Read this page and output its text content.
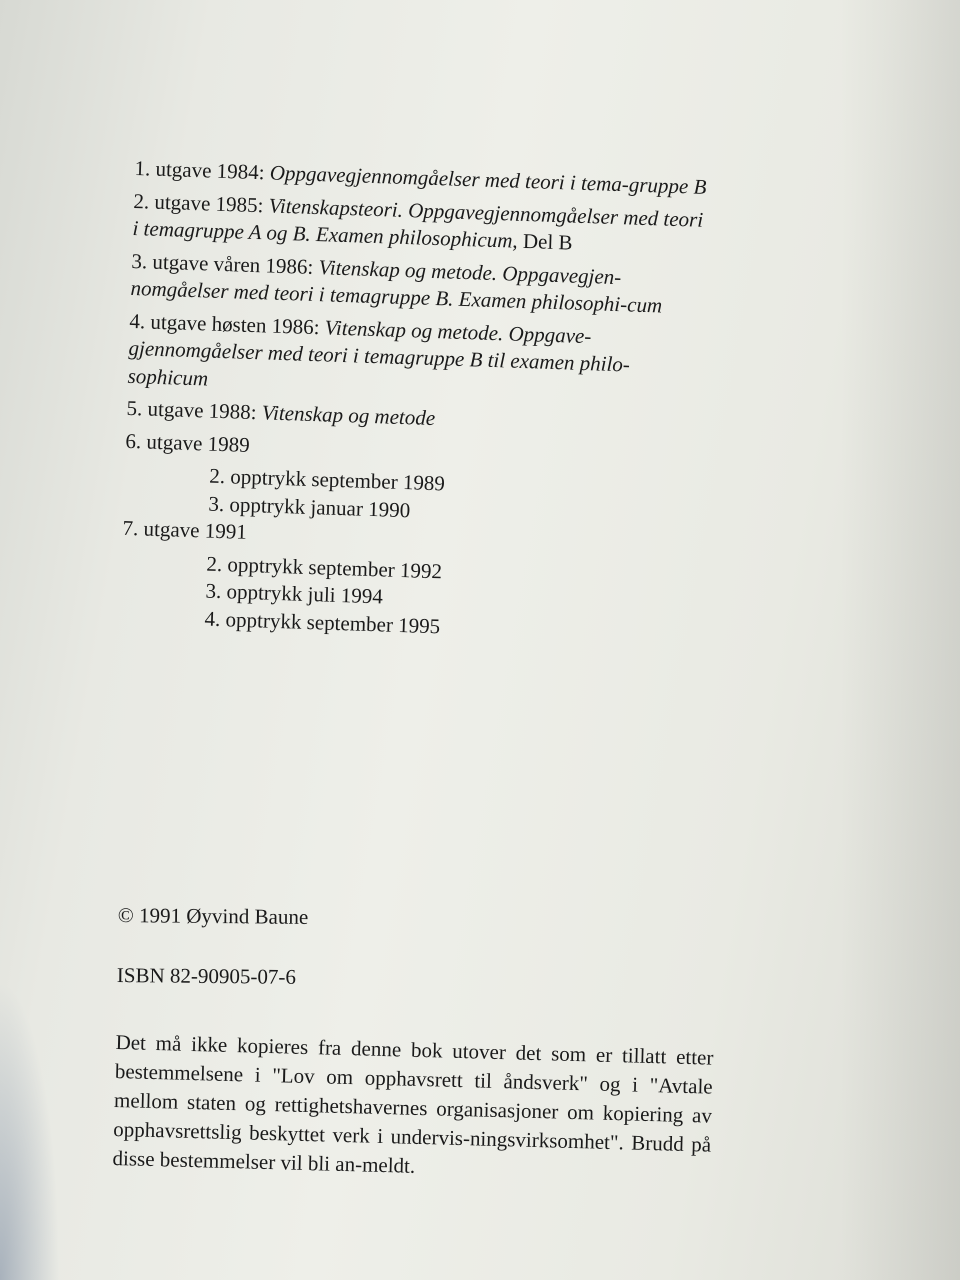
1. utgave 1984: Oppgavegjennomgåelser med teori i tema-gruppe B

2. utgave 1985: Vitenskapsteori. Oppgavegjennomgåelser med teori i temagruppe A og B. Examen philosophicum, Del B

3. utgave våren 1986: Vitenskap og metode. Oppgavegjen-nomgåelser med teori i temagruppe B. Examen philosophi-cum

4. utgave høsten 1986: Vitenskap og metode. Oppgave-gjennomgåelser med teori i temagruppe B til examen philo-sophicum

5. utgave 1988: Vitenskap og metode

6. utgave 1989

2. opptrykk september 1989

3. opptrykk januar 1990

7. utgave 1991

2. opptrykk september 1992

3. opptrykk juli 1994

4. opptrykk september 1995

© 1991 Øyvind Baune
ISBN 82-90905-07-6
Det må ikke kopieres fra denne bok utover det som er tillatt etter bestemmelsene i "Lov om opphavsrett til åndsverk" og i "Avtale mellom staten og rettighetshavernes organisasjoner om kopiering av opphavsrettslig beskyttet verk i undervis-ningsvirksomhet". Brudd på disse bestemmelser vil bli an-meldt.
